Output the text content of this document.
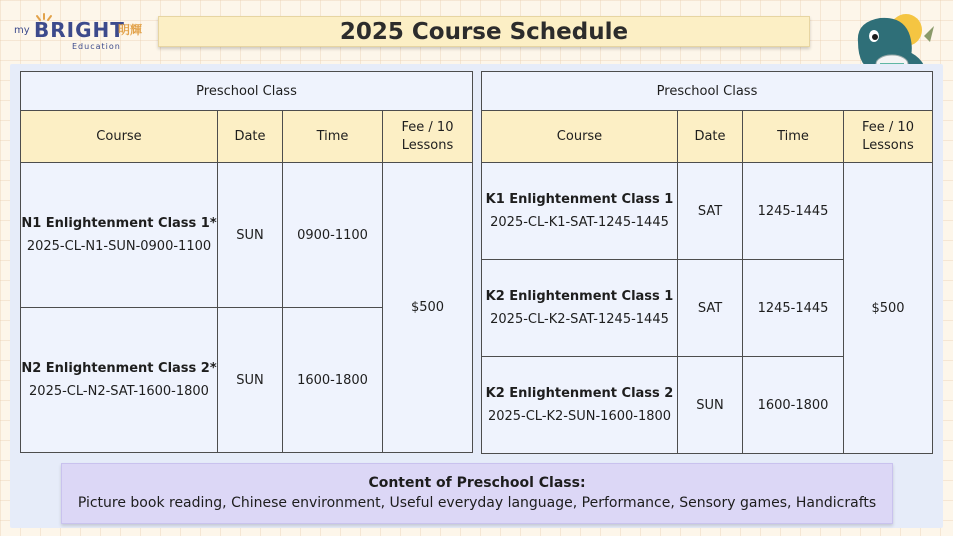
my BRIGHT
明輝
Education
2025 Course Schedule
Preschool Class			
Course	Date	Time	Fee / 10 Lessons

N1 Enlightenment Class 1*
2025-CL-N1-SUN-0900-1100	SUN	0900-1100	$500

N2 Enlightenment Class 2*
2025-CL-N2-SAT-1600-1800	SUN	1600-1800	
Preschool Class			
Course	Date	Time	Fee / 10 Lessons

K1 Enlightenment Class 1
2025-CL-K1-SAT-1245-1445	SAT	1245-1445	$500

K2 Enlightenment Class 1
2025-CL-K2-SAT-1245-1445	SAT	1245-1445	

K2 Enlightenment Class 2
2025-CL-K2-SUN-1600-1800	SUN	1600-1800	
Content of Preschool Class:
Picture book reading, Chinese environment, Useful everyday language, Performance, Sensory games, Handicrafts
